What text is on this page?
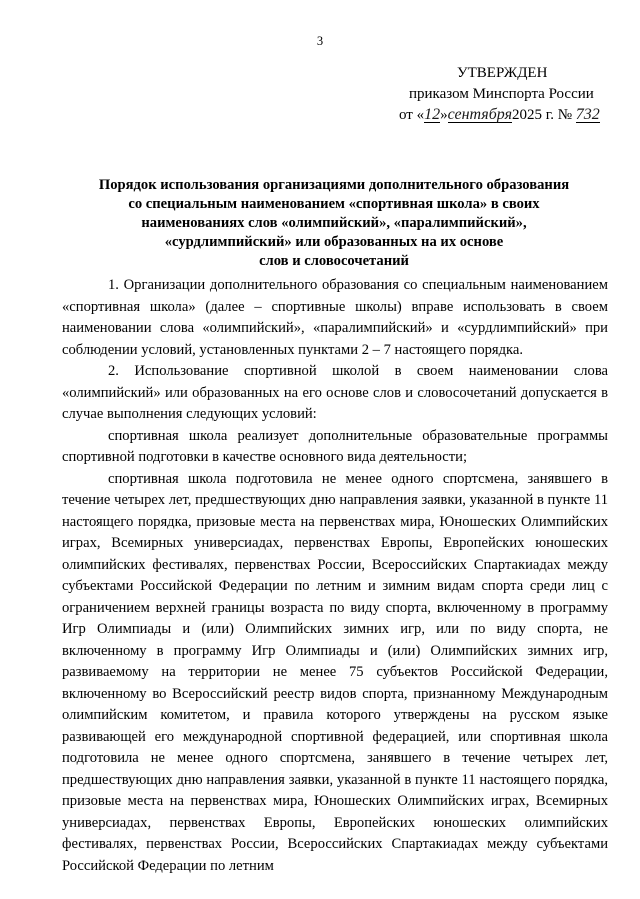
3
УТВЕРЖДЕН
приказом Минспорта России
от «12»сентября2025 г. № 732
Порядок использования организациями дополнительного образования
со специальным наименованием «спортивная школа» в своих
наименованиях слов «олимпийский», «паралимпийский»,
«сурдлимпийский» или образованных на их основе
слов и словосочетаний

1. Организации дополнительного образования со специальным наименованием «спортивная школа» (далее – спортивные школы) вправе использовать в своем наименовании слова «олимпийский», «паралимпийский» и «сурдлимпийский» при соблюдении условий, установленных пунктами 2 – 7 настоящего порядка.

2. Использование спортивной школой в своем наименовании слова «олимпийский» или образованных на его основе слов и словосочетаний допускается в случае выполнения следующих условий:

спортивная школа реализует дополнительные образовательные программы спортивной подготовки в качестве основного вида деятельности;

спортивная школа подготовила не менее одного спортсмена, занявшего в течение четырех лет, предшествующих дню направления заявки, указанной в пункте 11 настоящего порядка, призовые места на первенствах мира, Юношеских Олимпийских играх, Всемирных универсиадах, первенствах Европы, Европейских юношеских олимпийских фестивалях, первенствах России, Всероссийских Спартакиадах между субъектами Российской Федерации по летним и зимним видам спорта среди лиц с ограничением верхней границы возраста по виду спорта, включенному в программу Игр Олимпиады и (или) Олимпийских зимних игр, или по виду спорта, не включенному в программу Игр Олимпиады и (или) Олимпийских зимних игр, развиваемому на территории не менее 75 субъектов Российской Федерации, включенному во Всероссийский реестр видов спорта, признанному Международным олимпийским комитетом, и правила которого утверждены на русском языке развивающей его международной спортивной федерацией, или спортивная школа подготовила не менее одного спортсмена, занявшего в течение четырех лет, предшествующих дню направления заявки, указанной в пункте 11 настоящего порядка, призовые места на первенствах мира, Юношеских Олимпийских играх, Всемирных универсиадах, первенствах Европы, Европейских юношеских олимпийских фестивалях, первенствах России, Всероссийских Спартакиадах между субъектами Российской Федерации по летним
